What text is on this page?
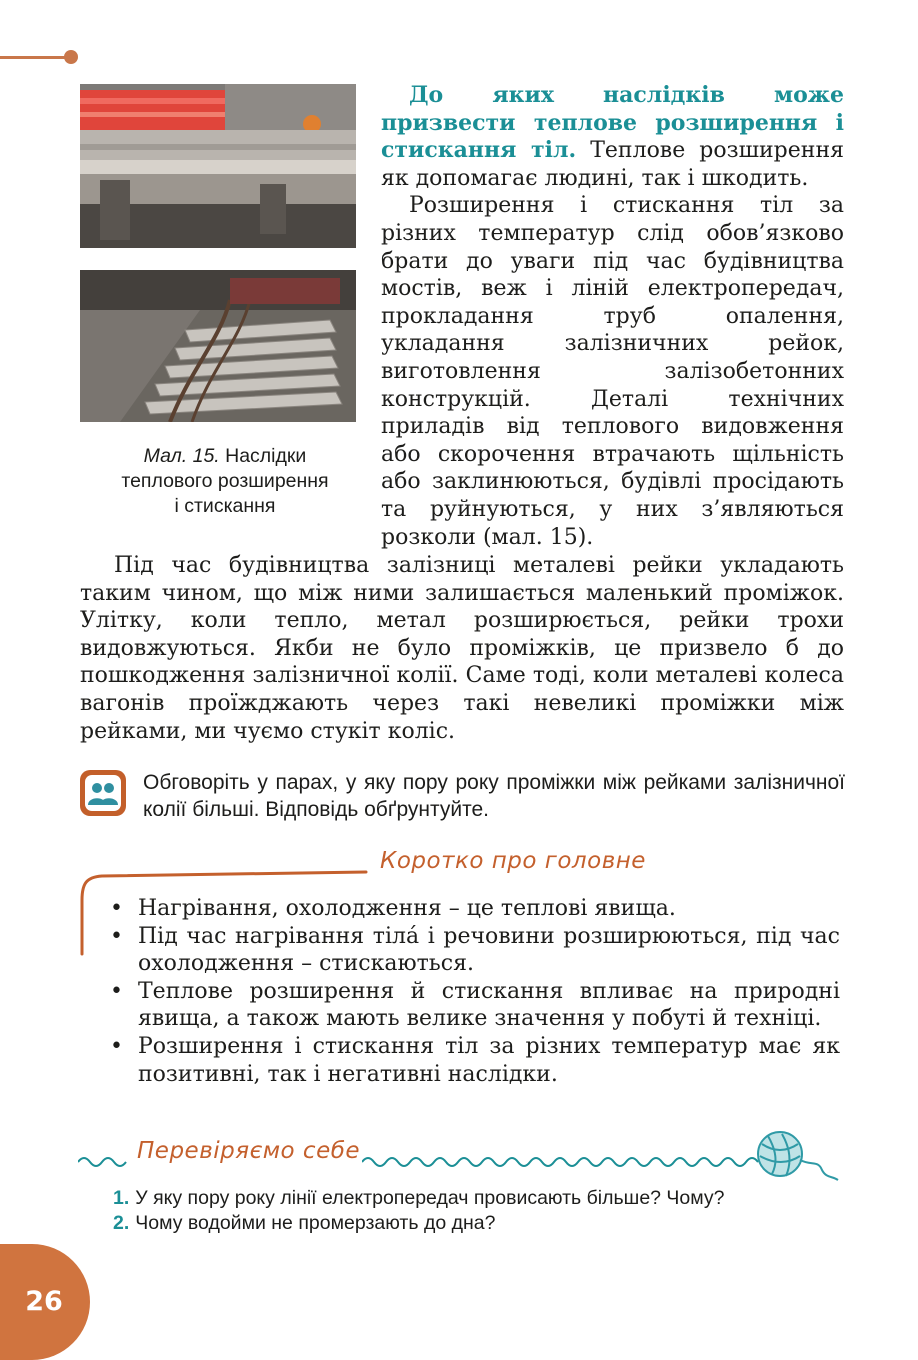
Мал. 15. Наслідки
теплового розширення
і стискання

До яких наслідків може призвести теплове розширення і стискання тіл. Теплове розширення як допомагає людині, так і шкодить.

Розширення і стискання тіл за різних температур слід обов’язково брати до уваги під час будівництва мостів, веж і ліній електропередач, прокладання труб опалення, укладання залізничних рейок, виготовлення залізобетонних конструкцій. Деталі технічних приладів від теплового видовження або скорочення втрачають щільність або заклинюються, будівлі просідають та руйнуються, у них з’являються розколи (мал. 15).

Під час будівництва залізниці металеві рейки укладають таким чином, що між ними залишається маленький проміжок. Улітку, коли тепло, метал розширюється, рейки трохи видовжуються. Якби не було проміжків, це призвело б до пошкодження залізничної колії. Саме тоді, коли металеві колеса вагонів проїжджають через такі невеликі проміжки між рейками, ми чуємо стукіт коліс.
Обговоріть у парах, у яку пору року проміжки між рейками залізничної колії більші. Відповідь обґрунтуйте.
Коротко про головне
• Нагрівання, охолодження – це теплові явища.
• Під час нагрівання тілá і речовини розширюються, під час охолодження – стискаються.
• Теплове розширення й стискання впливає на природні явища, а також мають велике значення у побуті й техніці.
• Розширення і стискання тіл за різних температур має як позитивні, так і негативні наслідки.
Перевіряємо себе
1. У яку пору року лінії електропередач провисають більше? Чому?
2. Чому водойми не промерзають до дна?
26
